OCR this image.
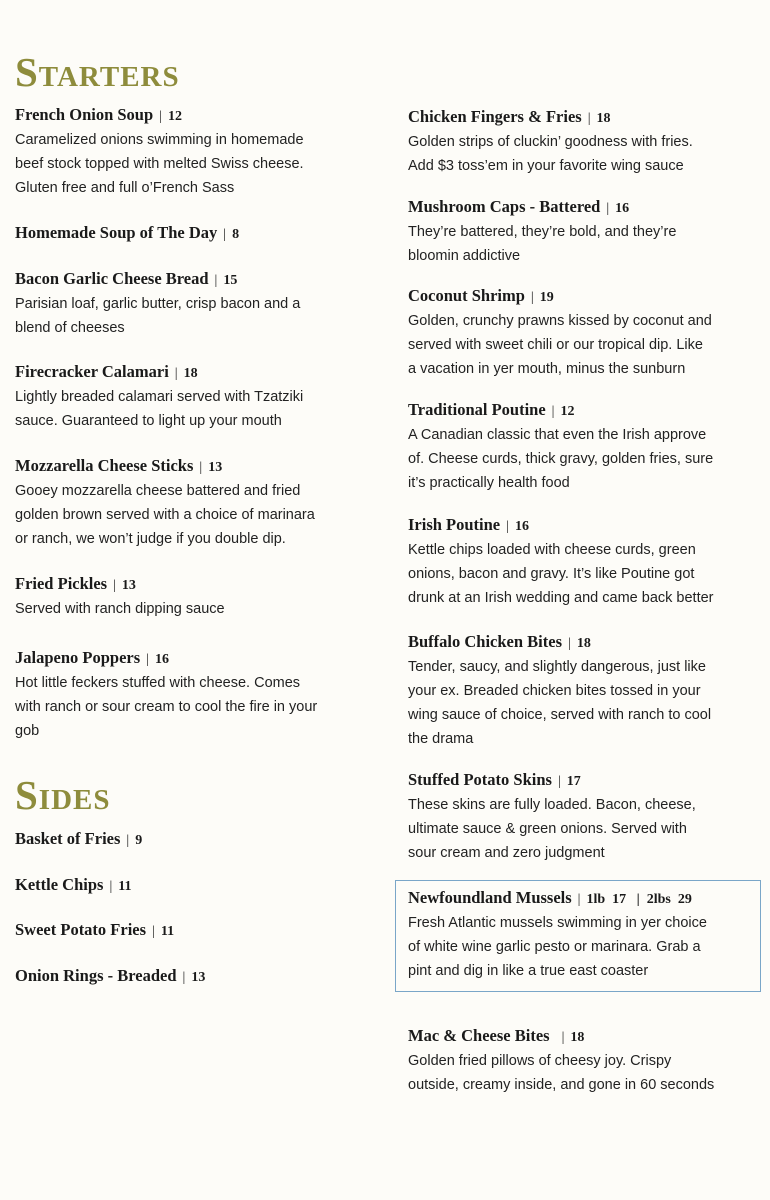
Starters
French Onion Soup | 12
Caramelized onions swimming in homemade
beef stock topped with melted Swiss cheese.
Gluten free and full o’French Sass
Homemade Soup of The Day | 8
Bacon Garlic Cheese Bread | 15
Parisian loaf, garlic butter, crisp bacon and a
blend of cheeses
Firecracker Calamari | 18
Lightly breaded calamari served with Tzatziki
sauce. Guaranteed to light up your mouth
Mozzarella Cheese Sticks | 13
Gooey mozzarella cheese battered and fried
golden brown served with a choice of marinara
or ranch, we won’t judge if you double dip.
Fried Pickles | 13
Served with ranch dipping sauce
Jalapeno Poppers | 16
Hot little feckers stuffed with cheese. Comes
with ranch or sour cream to cool the fire in your
gob
Sides
Basket of Fries | 9
Kettle Chips | 11
Sweet Potato Fries | 11
Onion Rings - Breaded | 13
Chicken Fingers & Fries | 18
Golden strips of cluckin’ goodness with fries.
Add $3 toss’em in your favorite wing sauce
Mushroom Caps - Battered | 16
They’re battered, they’re bold, and they’re
bloomin addictive
Coconut Shrimp | 19
Golden, crunchy prawns kissed by coconut and
served with sweet chili or our tropical dip. Like
a vacation in yer mouth, minus the sunburn
Traditional Poutine | 12
A Canadian classic that even the Irish approve
of. Cheese curds, thick gravy, golden fries, sure
it’s practically health food
Irish Poutine | 16
Kettle chips loaded with cheese curds, green
onions, bacon and gravy. It’s like Poutine got
drunk at an Irish wedding and came back better
Buffalo Chicken Bites | 18
Tender, saucy, and slightly dangerous, just like
your ex. Breaded chicken bites tossed in your
wing sauce of choice, served with ranch to cool
the drama
Stuffed Potato Skins | 17
These skins are fully loaded. Bacon, cheese,
ultimate sauce & green onions. Served with
sour cream and zero judgment
Newfoundland Mussels | 1lb  17   |  2lbs  29
Fresh Atlantic mussels swimming in yer choice
of white wine garlic pesto or marinara. Grab a
pint and dig in like a true east coaster
Mac & Cheese Bites | 18
Golden fried pillows of cheesy joy. Crispy
outside, creamy inside, and gone in 60 seconds
